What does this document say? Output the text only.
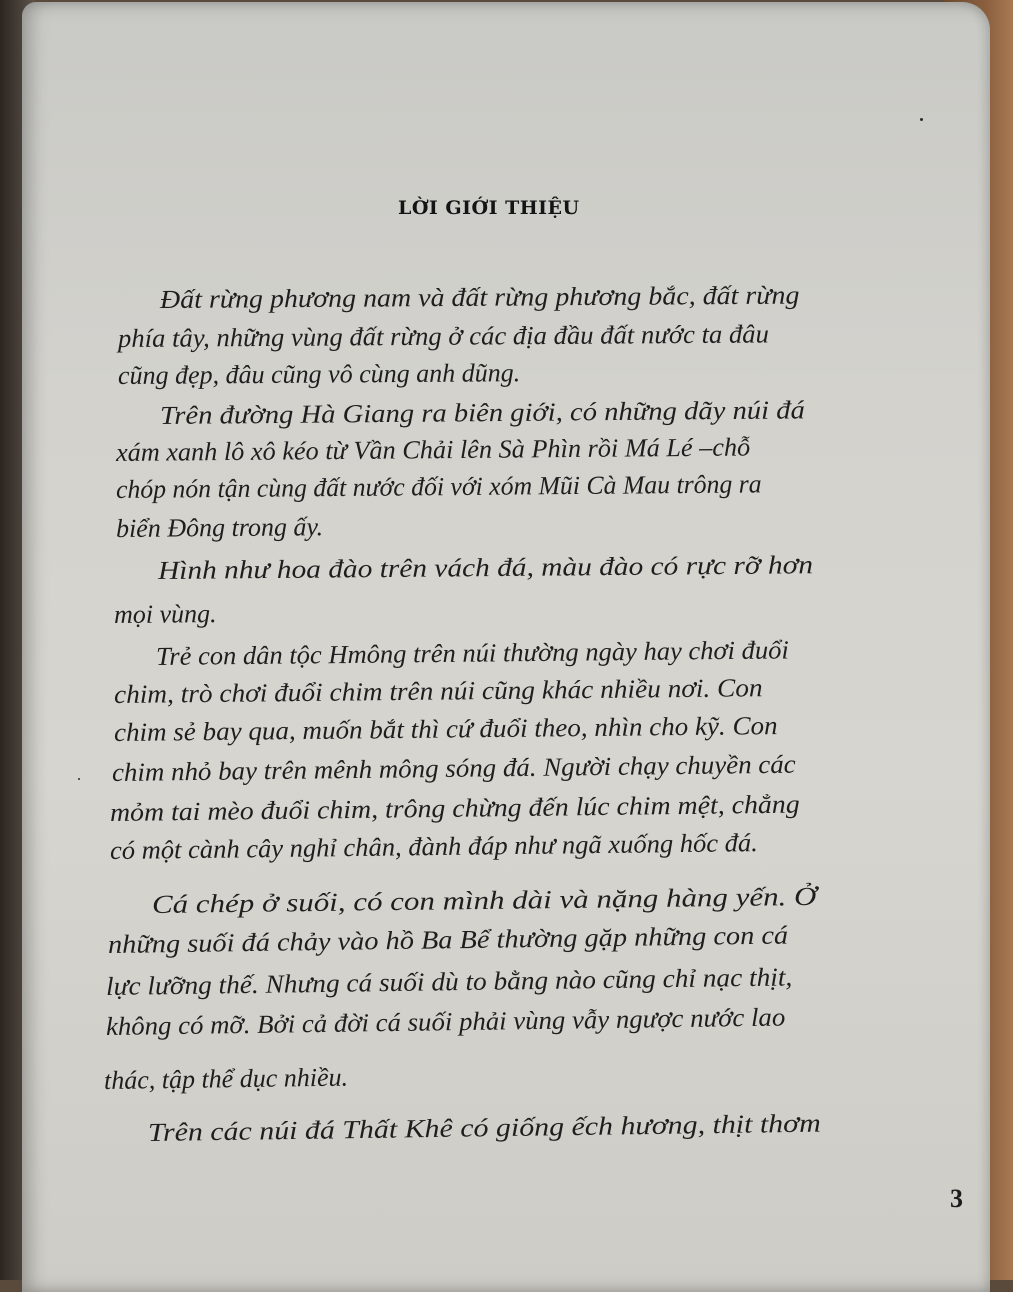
LỜI GIỚI THIỆU
Đất rừng phương nam và đất rừng phương bắc, đất rừng
phía tây, những vùng đất rừng ở các địa đầu đất nước ta đâu
cũng đẹp, đâu cũng vô cùng anh dũng.
Trên đường Hà Giang ra biên giới, có những dãy núi đá
xám xanh lô xô kéo từ Vần Chải lên Sà Phìn rồi Má Lé –chỗ
chóp nón tận cùng đất nước đối với xóm Mũi Cà Mau trông ra
biển Đông trong ấy.
Hình như hoa đào trên vách đá, màu đào có rực rỡ hơn
mọi vùng.
Trẻ con dân tộc Hmông trên núi thường ngày hay chơi đuổi
chim, trò chơi đuổi chim trên núi cũng khác nhiều nơi. Con
chim sẻ bay qua, muốn bắt thì cứ đuổi theo, nhìn cho kỹ. Con
chim nhỏ bay trên mênh mông sóng đá. Người chạy chuyền các
mỏm tai mèo đuổi chim, trông chừng đến lúc chim mệt, chẳng
có một cành cây nghỉ chân, đành đáp như ngã xuống hốc đá.
Cá chép ở suối, có con mình dài và nặng hàng yến. Ở
những suối đá chảy vào hồ Ba Bể thường gặp những con cá
lực lưỡng thế. Nhưng cá suối dù to bằng nào cũng chỉ nạc thịt,
không có mỡ. Bởi cả đời cá suối phải vùng vẫy ngược nước lao
thác, tập thể dục nhiều.
Trên các núi đá Thất Khê có giống ếch hương, thịt thơm
3
